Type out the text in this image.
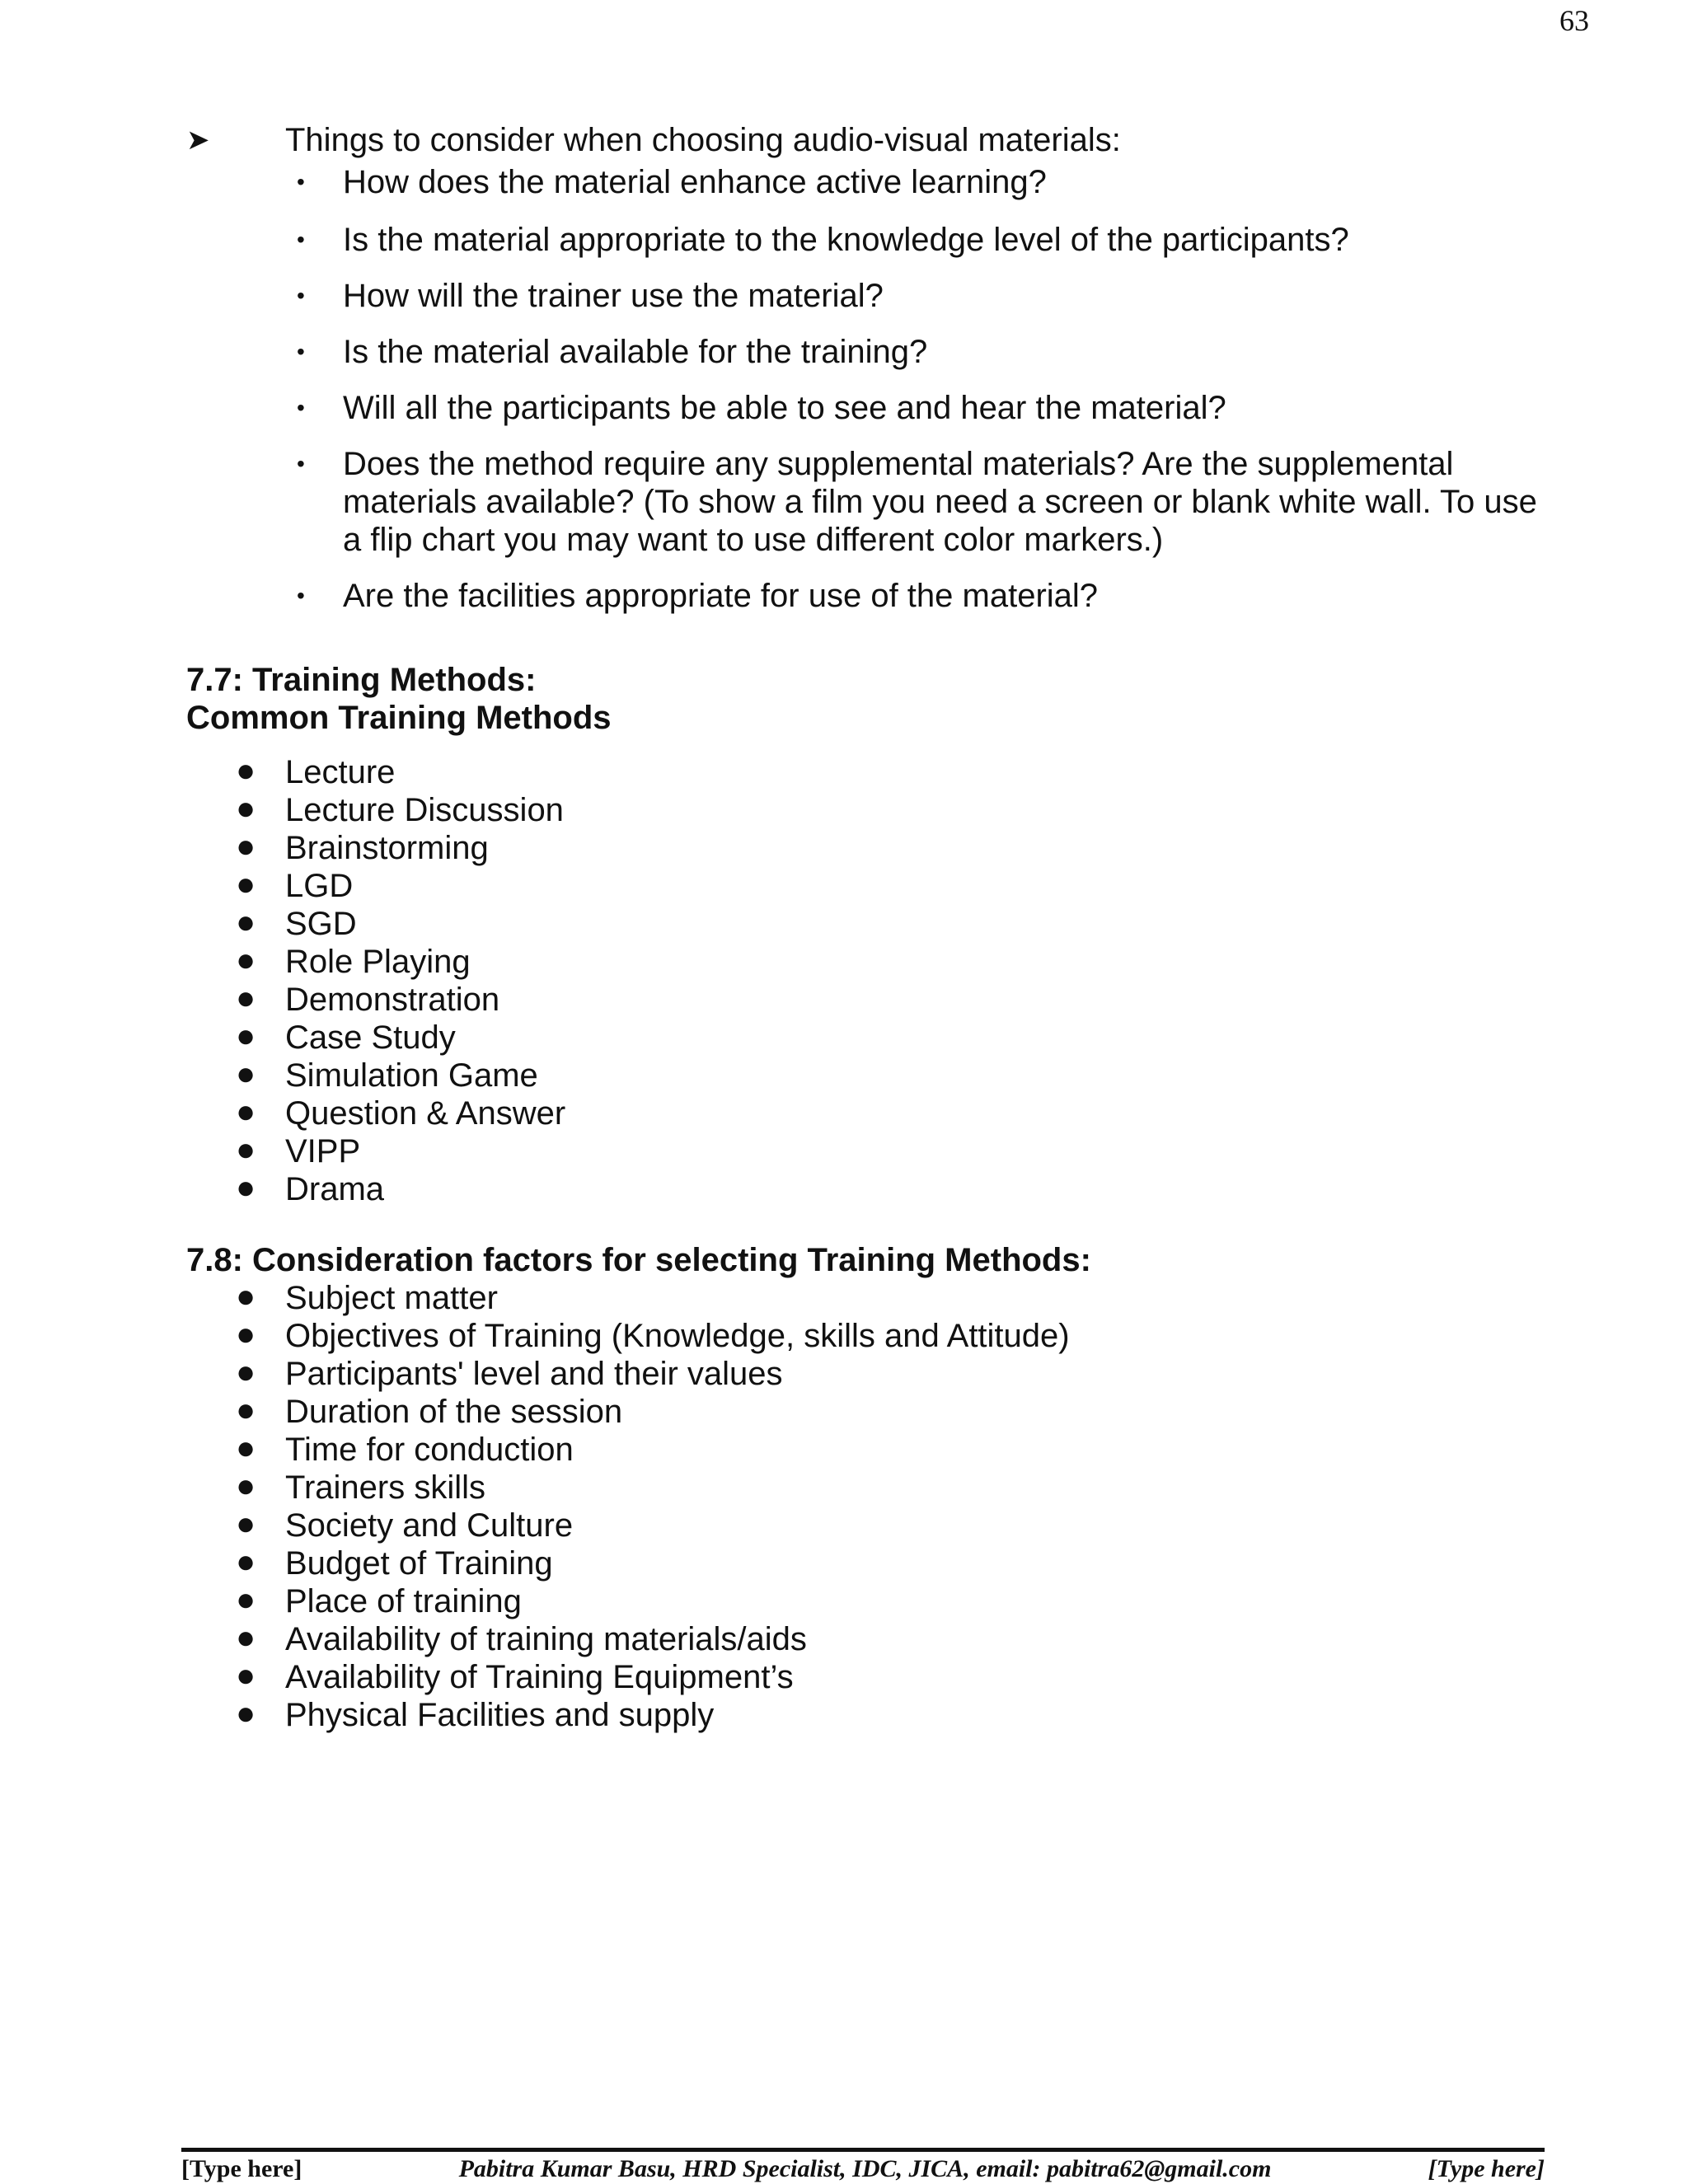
63
➤ Things to consider when choosing audio-visual materials:
• How does the material enhance active learning?
• Is the material appropriate to the knowledge level of the participants?
• How will the trainer use the material?
• Is the material available for the training?
• Will all the participants be able to see and hear the material?
• Does the method require any supplemental materials? Are the supplemental materials available? (To show a film you need a screen or blank white wall. To use a flip chart you may want to use different color markers.)
• Are the facilities appropriate for use of the material?
7.7: Training Methods:
Common Training Methods
● Lecture
● Lecture Discussion
● Brainstorming
● LGD
● SGD
● Role Playing
● Demonstration
● Case Study
● Simulation Game
● Question & Answer
● VIPP
● Drama
7.8: Consideration factors for selecting Training Methods:
● Subject matter
● Objectives of Training (Knowledge, skills and Attitude)
● Participants' level and their values
● Duration of the session
● Time for conduction
● Trainers skills
● Society and Culture
● Budget of Training
● Place of training
● Availability of training materials/aids
● Availability of Training Equipment’s
● Physical Facilities and supply
[Type here]	Pabitra Kumar Basu, HRD Specialist, IDC, JICA, email: pabitra62@gmail.com	[Type here]
